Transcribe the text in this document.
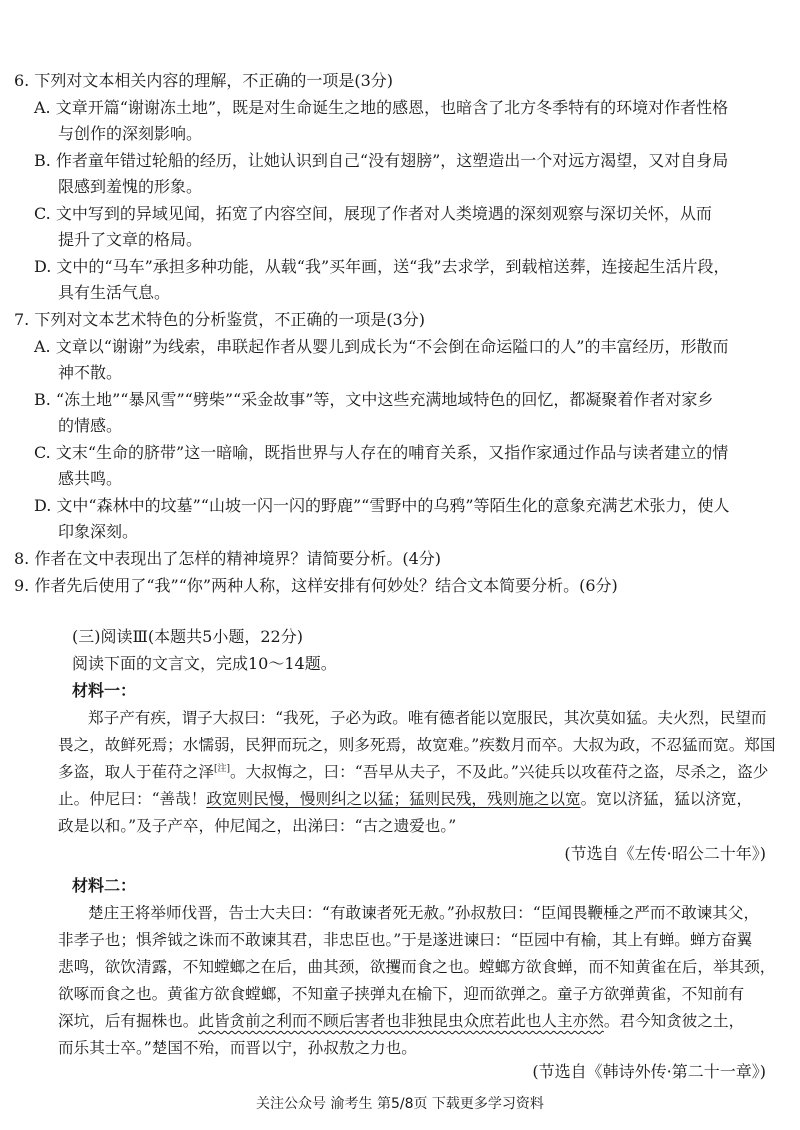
6. 下列对文本相关内容的理解，不正确的一项是(3分)
A. 文章开篇“谢谢冻土地”，既是对生命诞生之地的感恩，也暗含了北方冬季特有的环境对作者性格
与创作的深刻影响。
B. 作者童年错过轮船的经历，让她认识到自己“没有翅膀”，这塑造出一个对远方渴望，又对自身局
限感到羞愧的形象。
C. 文中写到的异域见闻，拓宽了内容空间，展现了作者对人类境遇的深刻观察与深切关怀，从而
提升了文章的格局。
D. 文中的“马车”承担多种功能，从载“我”买年画，送“我”去求学，到载棺送葬，连接起生活片段，
具有生活气息。
7. 下列对文本艺术特色的分析鉴赏，不正确的一项是(3分)
A. 文章以“谢谢”为线索，串联起作者从婴儿到成长为“不会倒在命运隘口的人”的丰富经历，形散而
神不散。
B. “冻土地”“暴风雪”“劈柴”“采金故事”等，文中这些充满地域特色的回忆，都凝聚着作者对家乡
的情感。
C. 文末“生命的脐带”这一暗喻，既指世界与人存在的哺育关系，又指作家通过作品与读者建立的情
感共鸣。
D. 文中“森林中的坟墓”“山坡一闪一闪的野鹿”“雪野中的乌鸦”等陌生化的意象充满艺术张力，使人
印象深刻。
8. 作者在文中表现出了怎样的精神境界？请简要分析。(4分)
9. 作者先后使用了“我”“你”两种人称，这样安排有何妙处？结合文本简要分析。(6分)
(三)阅读Ⅲ(本题共5小题，22分)
阅读下面的文言文，完成10～14题。
材料一：
郑子产有疾，谓子大叔曰：“我死，子必为政。唯有德者能以宽服民，其次莫如猛。夫火烈，民望而
畏之，故鲜死焉；水懦弱，民狎而玩之，则多死焉，故宽难。”疾数月而卒。大叔为政，不忍猛而宽。郑国
多盗，取人于萑苻之泽[注]。大叔悔之，曰：“吾早从夫子，不及此。”兴徒兵以攻萑苻之盗，尽杀之，盗少
止。仲尼曰：“善哉！政宽则民慢，慢则纠之以猛；猛则民残，残则施之以宽。宽以济猛，猛以济宽，
政是以和。”及子产卒，仲尼闻之，出涕曰：“古之遗爱也。”
(节选自《左传·昭公二十年》)
材料二：
楚庄王将举师伐晋，告士大夫曰：“有敢谏者死无赦。”孙叔敖曰：“臣闻畏鞭棰之严而不敢谏其父，
非孝子也；惧斧钺之诛而不敢谏其君，非忠臣也。”于是遂进谏曰：“臣园中有榆，其上有蝉。蝉方奋翼
悲鸣，欲饮清露，不知螳螂之在后，曲其颈，欲攫而食之也。螳螂方欲食蝉，而不知黄雀在后，举其颈，
欲啄而食之也。黄雀方欲食螳螂，不知童子挟弹丸在榆下，迎而欲弹之。童子方欲弹黄雀，不知前有
深坑，后有掘株也。此皆贪前之利而不顾后害者也非独昆虫众庶若此也人主亦然。君今知贪彼之土，
而乐其士卒。”楚国不殆，而晋以宁，孙叔敖之力也。
(节选自《韩诗外传·第二十一章》)
关注公众号 渝考生 第5/8页 下载更多学习资料
